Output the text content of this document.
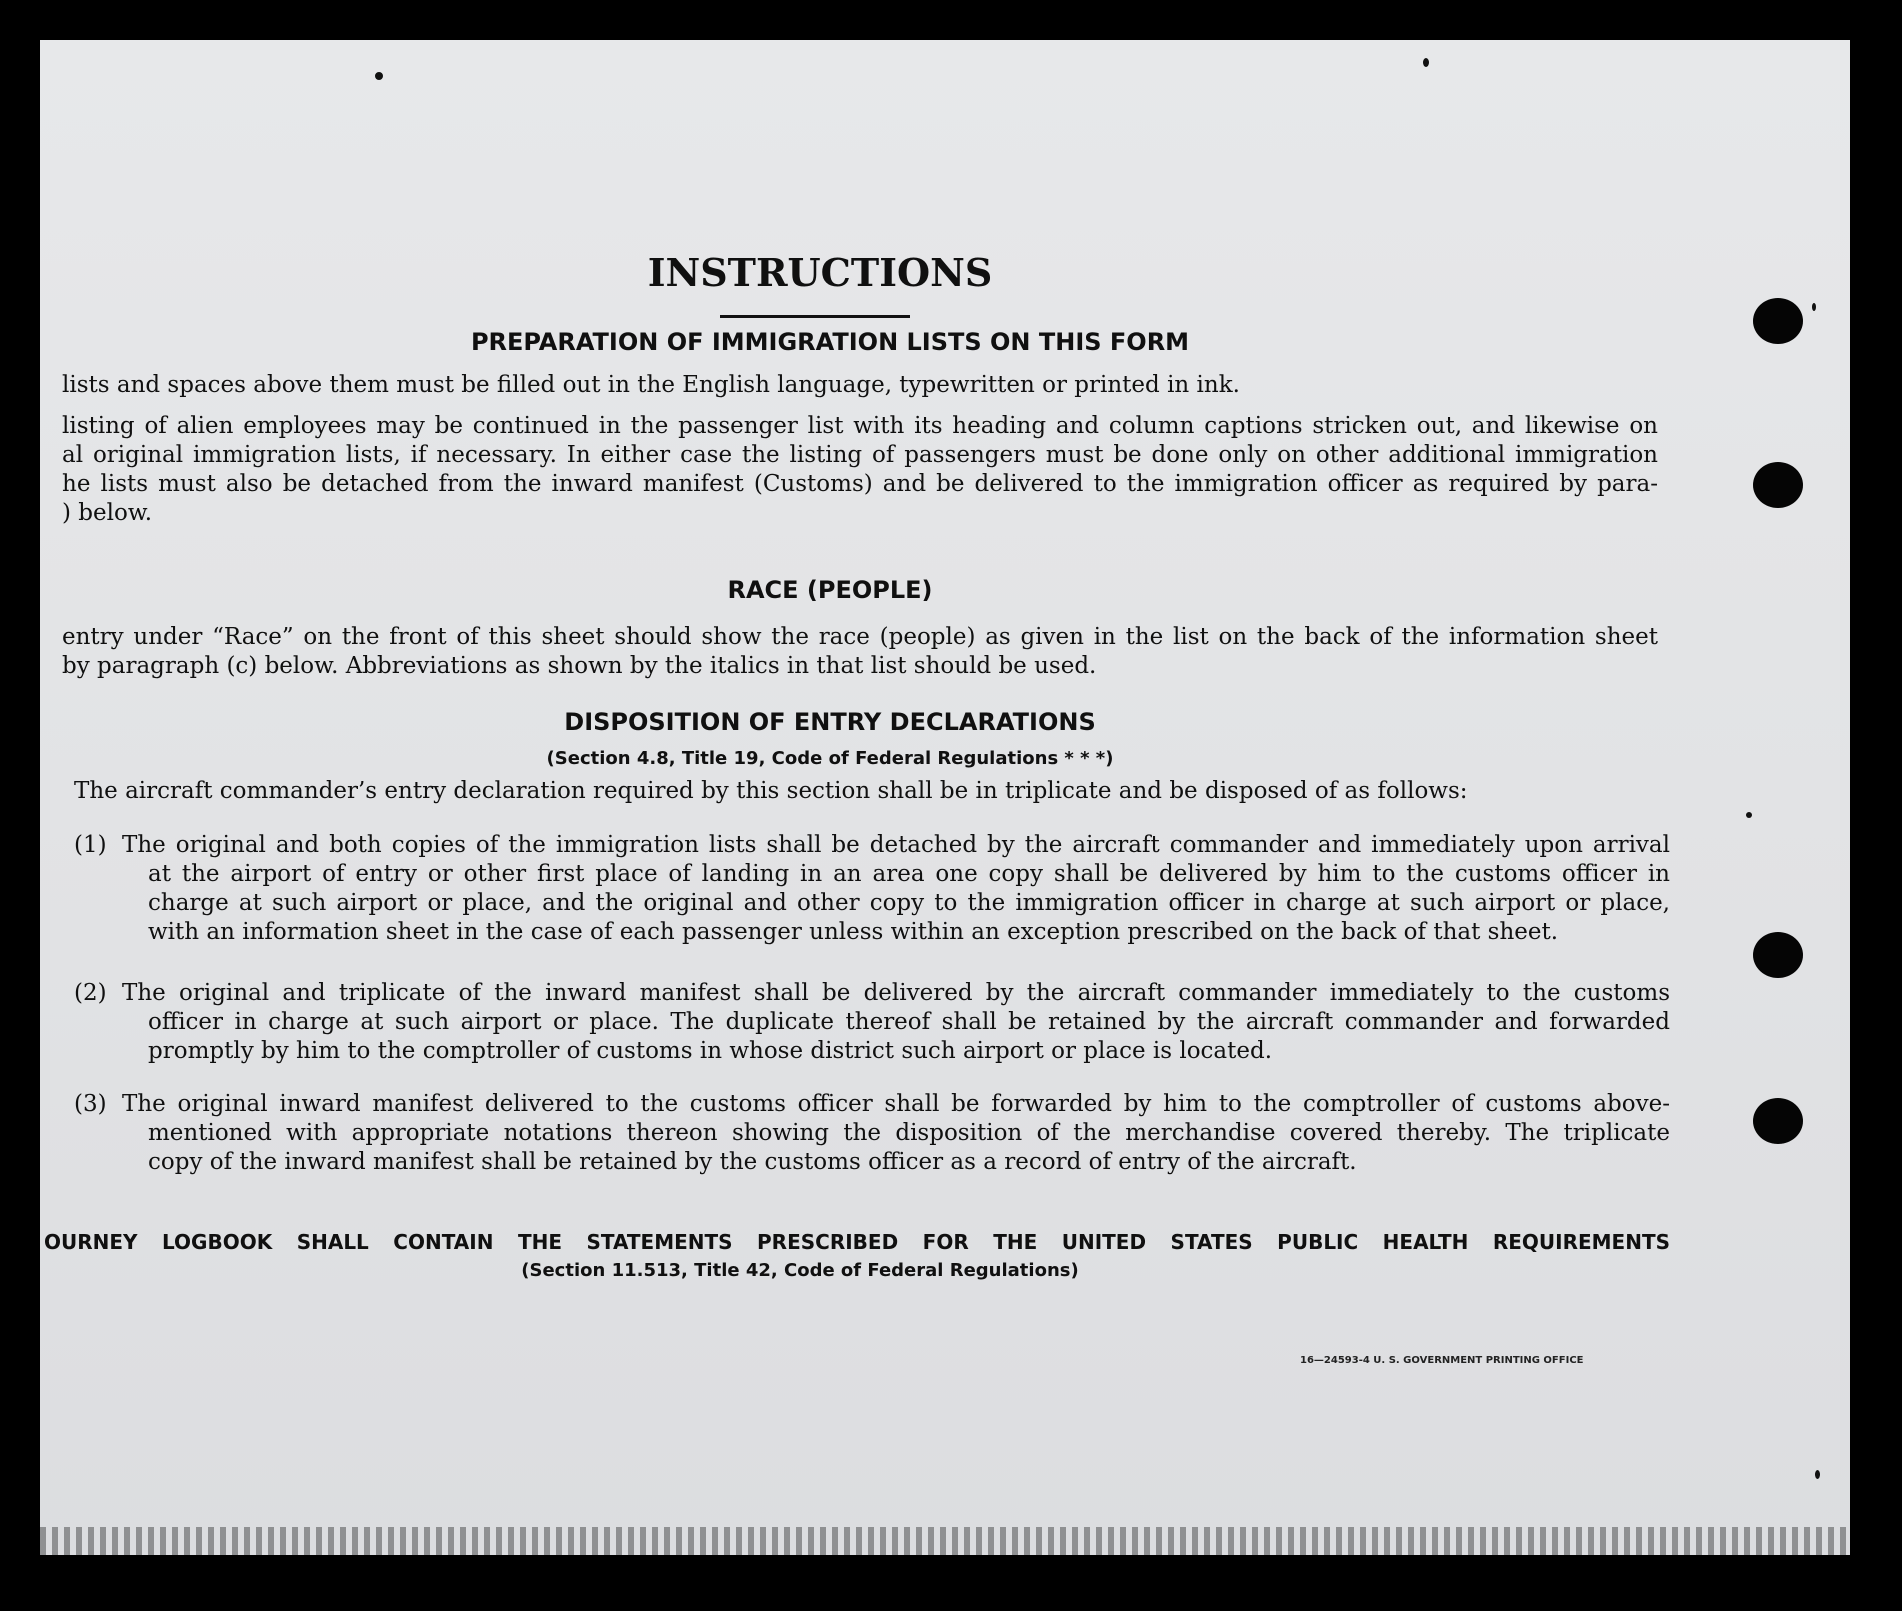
INSTRUCTIONS
PREPARATION OF IMMIGRATION LISTS ON THIS FORM
lists and spaces above them must be filled out in the English language, typewritten or printed in ink.
listing of alien employees may be continued in the passenger list with its heading and column captions stricken out, and likewise on
al original immigration lists, if necessary. In either case the listing of passengers must be done only on other additional immigration
he lists must also be detached from the inward manifest (Customs) and be delivered to the immigration officer as required by para-
) below.
RACE (PEOPLE)
entry under “Race” on the front of this sheet should show the race (people) as given in the list on the back of the information sheet
by paragraph (c) below. Abbreviations as shown by the italics in that list should be used.
DISPOSITION OF ENTRY DECLARATIONS
(Section 4.8, Title 19, Code of Federal Regulations * * *)
The aircraft commander’s entry declaration required by this section shall be in triplicate and be disposed of as follows:
(1) The original and both copies of the immigration lists shall be detached by the aircraft commander and immediately upon arrival
at the airport of entry or other first place of landing in an area one copy shall be delivered by him to the customs officer in
charge at such airport or place, and the original and other copy to the immigration officer in charge at such airport or place,
with an information sheet in the case of each passenger unless within an exception prescribed on the back of that sheet.
(2) The original and triplicate of the inward manifest shall be delivered by the aircraft commander immediately to the customs
officer in charge at such airport or place. The duplicate thereof shall be retained by the aircraft commander and forwarded
promptly by him to the comptroller of customs in whose district such airport or place is located.
(3) The original inward manifest delivered to the customs officer shall be forwarded by him to the comptroller of customs above-
mentioned with appropriate notations thereon showing the disposition of the merchandise covered thereby. The triplicate
copy of the inward manifest shall be retained by the customs officer as a record of entry of the aircraft.
OURNEY LOGBOOK SHALL CONTAIN THE STATEMENTS PRESCRIBED FOR THE UNITED STATES PUBLIC HEALTH REQUIREMENTS
(Section 11.513, Title 42, Code of Federal Regulations)
16—24593-4 U. S. GOVERNMENT PRINTING OFFICE
